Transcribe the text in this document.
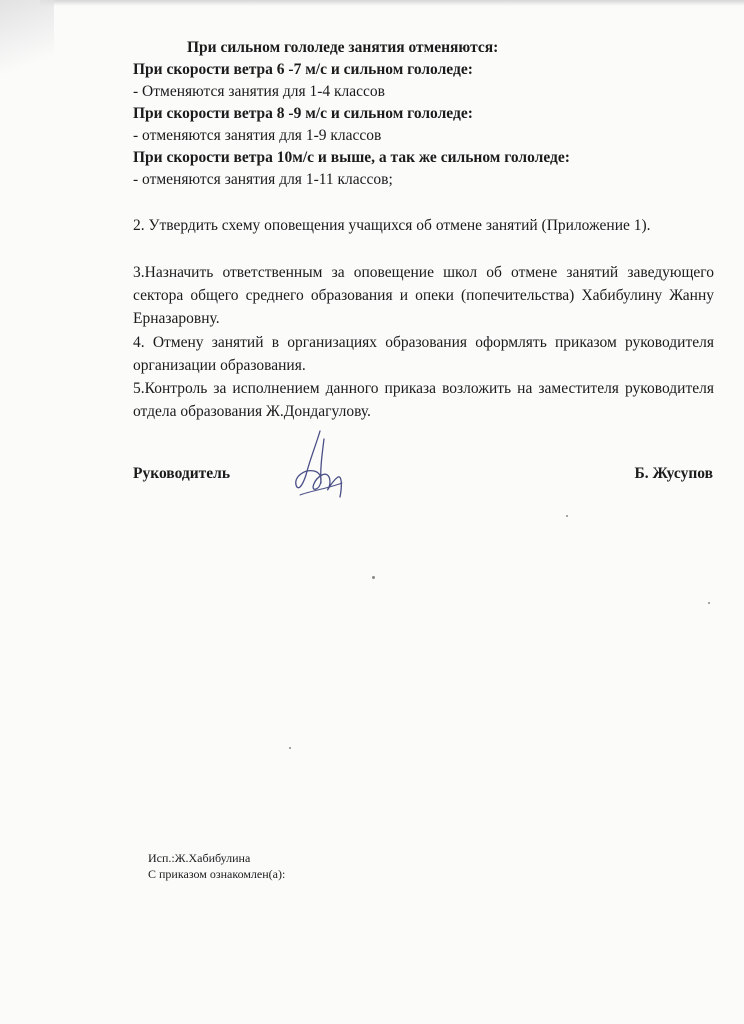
При сильном гололеде занятия отменяются:
При скорости ветра 6 -7 м/с и сильном гололеде:
- Отменяются занятия для 1-4 классов
При скорости ветра 8 -9 м/с и сильном гололеде:
- отменяются занятия для 1-9 классов
При скорости ветра 10м/с и выше, а так же сильном гололеде:
- отменяются занятия для 1-11 классов;
2. Утвердить схему оповещения учащихся об отмене занятий (Приложение 1).
3.Назначить ответственным за оповещение школ об отмене занятий заведующего сектора общего среднего образования и опеки (попечительства) Хабибулину Жанну Ерназаровну.
4. Отмену занятий в организациях образования оформлять приказом руководителя организации образования.
5.Контроль за исполнением данного приказа возложить на заместителя руководителя отдела образования Ж.Дондагулову.
Руководитель	Б. Жусупов
Исп.:Ж.Хабибулина
С приказом ознакомлен(а):
